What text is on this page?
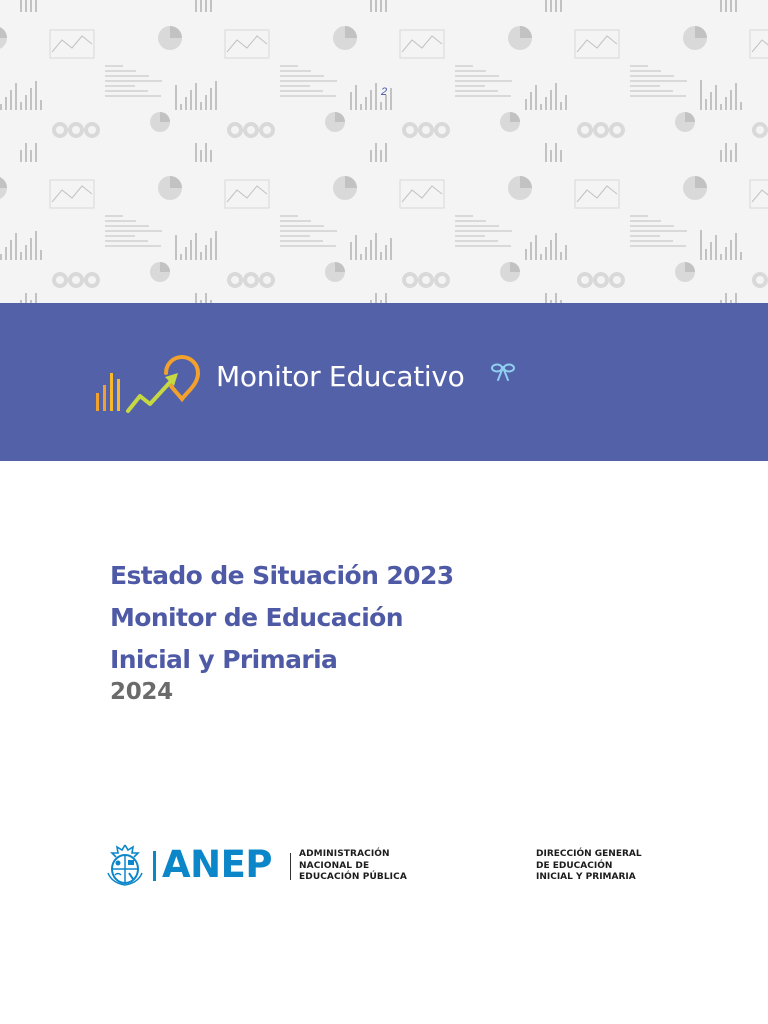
2
Monitor Educativo
Estado de Situación 2023
Monitor de Educación
Inicial y Primaria
2024
ANEP	ADMINISTRACIÓN
NACIONAL DE
EDUCACIÓN PÚBLICA
DIRECCIÓN GENERAL
DE EDUCACIÓN
INICIAL Y PRIMARIA
